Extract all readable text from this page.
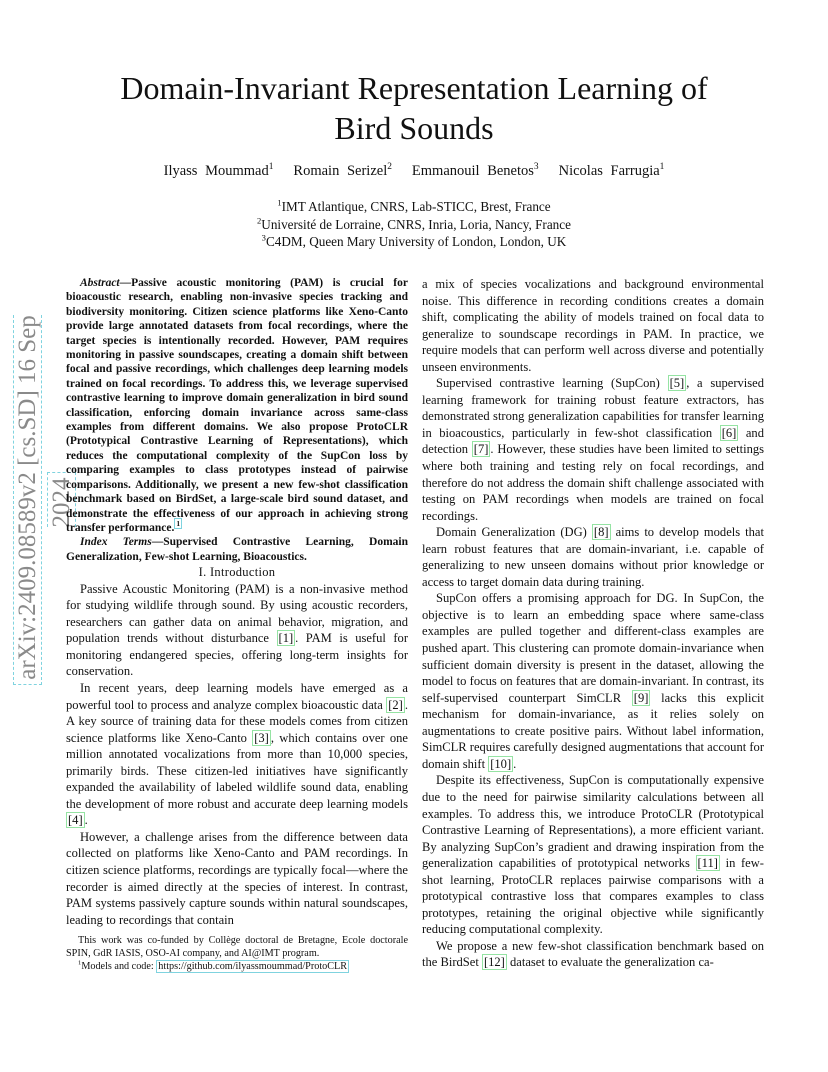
arXiv:2409.08589v2 [cs.SD] 16 Sep 2024
Domain-Invariant Representation Learning of Bird Sounds
Ilyass Moummad$^1$ Romain Serizel$^2$ Emmanouil Benetos$^3$ Nicolas Farrugia$^1$
$^1$IMT Atlantique, CNRS, Lab-STICC, Brest, France
$^2$Université de Lorraine, CNRS, Inria, Loria, Nancy, France
$^3$C4DM, Queen Mary University of London, London, UK

Abstract—Passive acoustic monitoring (PAM) is crucial for bioacoustic research, enabling non-invasive species tracking and biodiversity monitoring. Citizen science platforms like Xeno-Canto provide large annotated datasets from focal recordings, where the target species is intentionally recorded. However, PAM requires monitoring in passive soundscapes, creating a domain shift between focal and passive recordings, which challenges deep learning models trained on focal recordings. To address this, we leverage supervised contrastive learning to improve domain generalization in bird sound classification, enforcing domain invariance across same-class examples from different domains. We also propose ProtoCLR (Prototypical Contrastive Learning of Representations), which reduces the computational complexity of the SupCon loss by comparing examples to class prototypes instead of pairwise comparisons. Additionally, we present a new few-shot classification benchmark based on BirdSet, a large-scale bird sound dataset, and demonstrate the effectiveness of our approach in achieving strong transfer performance. $^1$

Index Terms—Supervised Contrastive Learning, Domain Generalization, Few-shot Learning, Bioacoustics.

I. Introduction

Passive Acoustic Monitoring (PAM) is a non-invasive method for studying wildlife through sound. By using acoustic recorders, researchers can gather data on animal behavior, migration, and population trends without disturbance [1] . PAM is useful for monitoring endangered species, offering long-term insights for conservation.

In recent years, deep learning models have emerged as a powerful tool to process and analyze complex bioacoustic data [2] . A key source of training data for these models comes from citizen science platforms like Xeno-Canto [3] , which contains over one million annotated vocalizations from more than 10,000 species, primarily birds. These citizen-led initiatives have significantly expanded the availability of labeled wildlife sound data, enabling the development of more robust and accurate deep learning models [4] .

However, a challenge arises from the difference between data collected on platforms like Xeno-Canto and PAM recordings. In citizen science platforms, recordings are typically focal—where the recorder is aimed directly at the species of interest. In contrast, PAM systems passively capture sounds within natural soundscapes, leading to recordings that contain

a mix of species vocalizations and background environmental noise. This difference in recording conditions creates a domain shift, complicating the ability of models trained on focal data to generalize to soundscape recordings in PAM. In practice, we require models that can perform well across diverse and potentially unseen environments.

Supervised contrastive learning (SupCon) [5] , a supervised learning framework for training robust feature extractors, has demonstrated strong generalization capabilities for transfer learning in bioacoustics, particularly in few-shot classification [6] and detection [7] . However, these studies have been limited to settings where both training and testing rely on focal recordings, and therefore do not address the domain shift challenge associated with testing on PAM recordings when models are trained on focal recordings.

Domain Generalization (DG) [8] aims to develop models that learn robust features that are domain-invariant, i.e. capable of generalizing to new unseen domains without prior knowledge or access to target domain data during training.

SupCon offers a promising approach for DG. In SupCon, the objective is to learn an embedding space where same-class examples are pulled together and different-class examples are pushed apart. This clustering can promote domain-invariance when sufficient domain diversity is present in the dataset, allowing the model to focus on features that are domain-invariant. In contrast, its self-supervised counterpart SimCLR [9] lacks this explicit mechanism for domain-invariance, as it relies solely on augmentations to create positive pairs. Without label information, SimCLR requires carefully designed augmentations that account for domain shift [10] .

Despite its effectiveness, SupCon is computationally expensive due to the need for pairwise similarity calculations between all examples. To address this, we introduce ProtoCLR (Prototypical Contrastive Learning of Representations), a more efficient variant. By analyzing SupCon’s gradient and drawing inspiration from the generalization capabilities of prototypical networks [11] in few-shot learning, ProtoCLR replaces pairwise comparisons with a prototypical contrastive loss that compares examples to class prototypes, retaining the original objective while significantly reducing computational complexity.

We propose a new few-shot classification benchmark based on the BirdSet [12] dataset to evaluate the generalization ca-

This work was co-funded by Collège doctoral de Bretagne, Ecole doctorale SPIN, GdR IASIS, OSO-AI company, and AI@IMT program.

$^1$Models and code: https://github.com/ilyassmoummad/ProtoCLR
